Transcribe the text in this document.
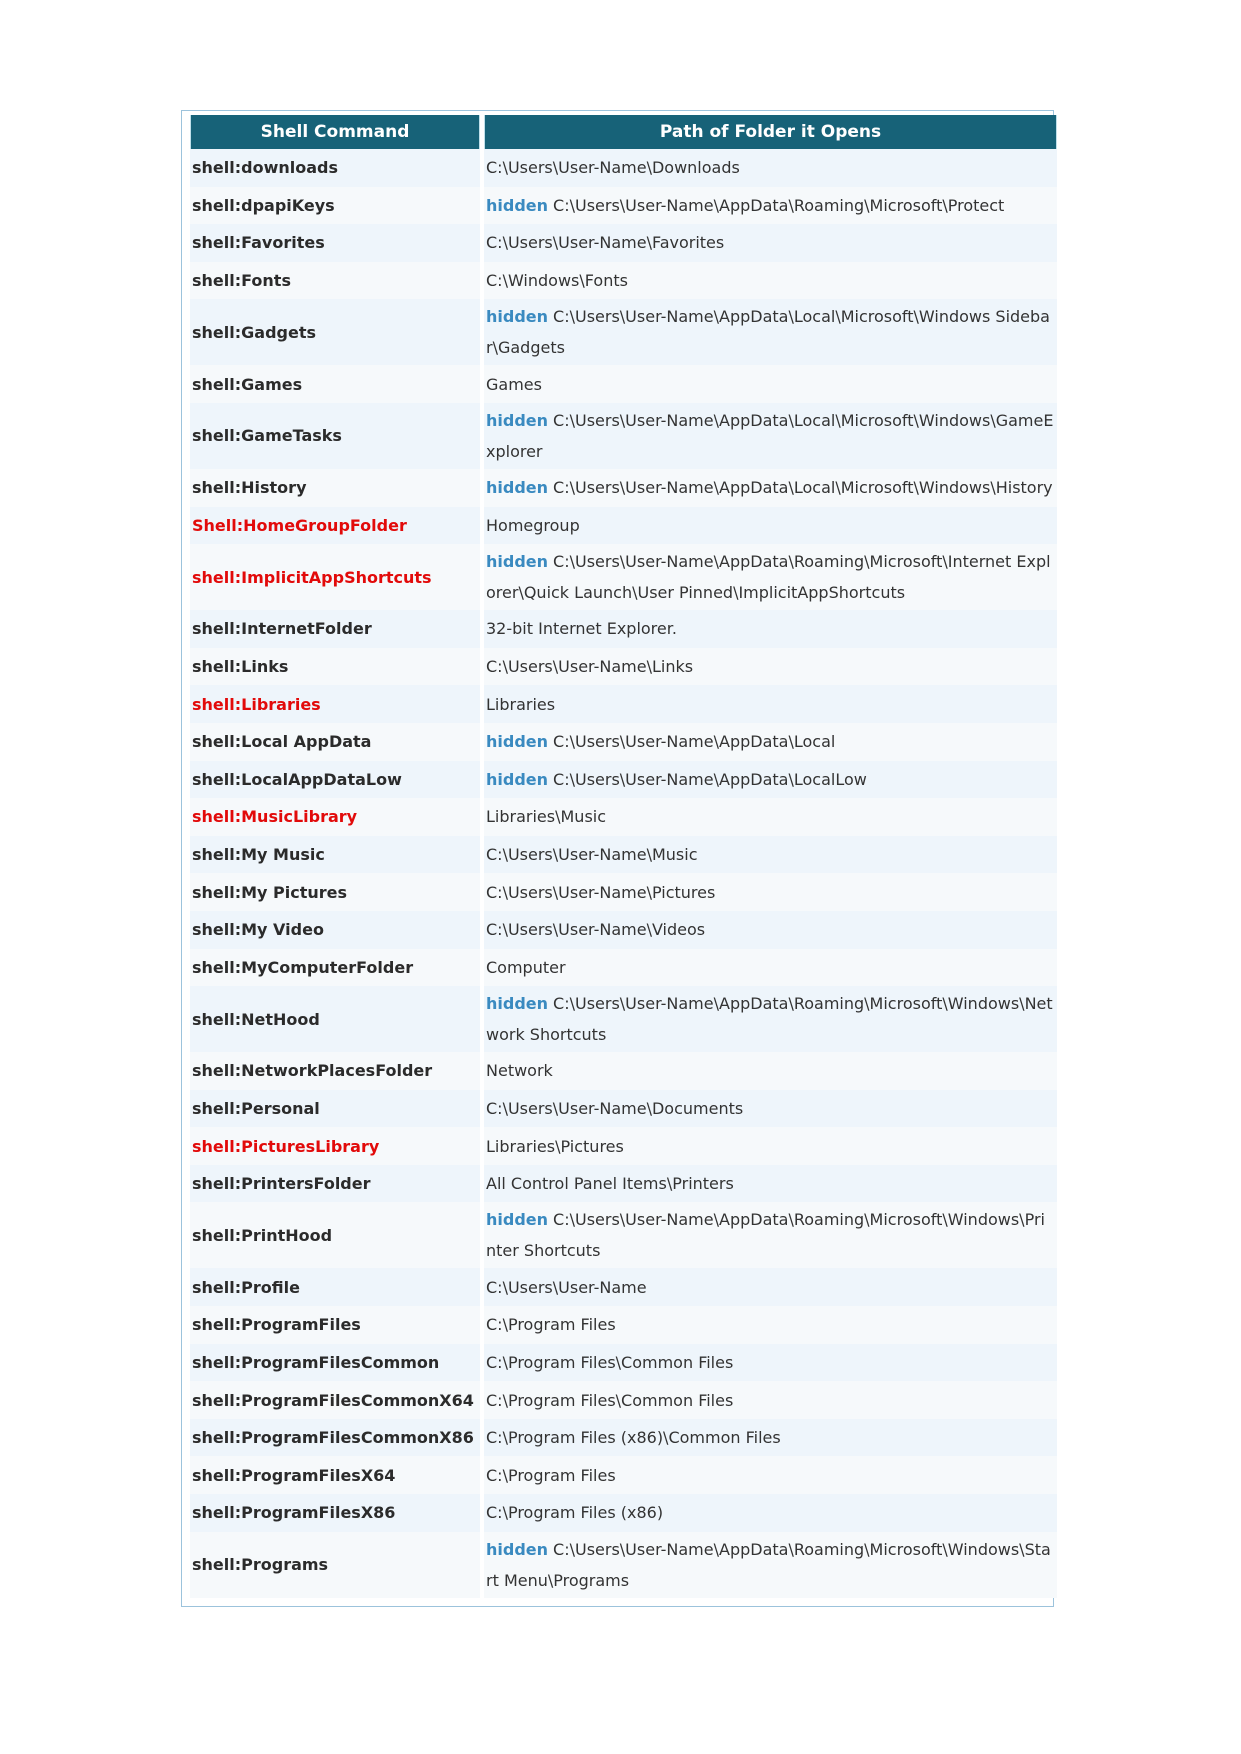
Shell Command	Path of Folder it Opens
shell:downloads	C:\Users\User-Name\Downloads
shell:dpapiKeys	hidden C:\Users\User-Name\AppData\Roaming\Microsoft\Protect
shell:Favorites	C:\Users\User-Name\Favorites
shell:Fonts	C:\Windows\Fonts
shell:Gadgets	hidden C:\Users\User-Name\AppData\Local\Microsoft\Windows Sidebar\Gadgets
shell:Games	Games
shell:GameTasks	hidden C:\Users\User-Name\AppData\Local\Microsoft\Windows\GameExplorer
shell:History	hidden C:\Users\User-Name\AppData\Local\Microsoft\Windows\History
Shell:HomeGroupFolder	Homegroup
shell:ImplicitAppShortcuts	hidden C:\Users\User-Name\AppData\Roaming\Microsoft\Internet Explorer\Quick Launch\User Pinned\ImplicitAppShortcuts
shell:InternetFolder	32-bit Internet Explorer.
shell:Links	C:\Users\User-Name\Links
shell:Libraries	Libraries
shell:Local AppData	hidden C:\Users\User-Name\AppData\Local
shell:LocalAppDataLow	hidden C:\Users\User-Name\AppData\LocalLow
shell:MusicLibrary	Libraries\Music
shell:My Music	C:\Users\User-Name\Music
shell:My Pictures	C:\Users\User-Name\Pictures
shell:My Video	C:\Users\User-Name\Videos
shell:MyComputerFolder	Computer
shell:NetHood	hidden C:\Users\User-Name\AppData\Roaming\Microsoft\Windows\Network Shortcuts
shell:NetworkPlacesFolder	Network
shell:Personal	C:\Users\User-Name\Documents
shell:PicturesLibrary	Libraries\Pictures
shell:PrintersFolder	All Control Panel Items\Printers
shell:PrintHood	hidden C:\Users\User-Name\AppData\Roaming\Microsoft\Windows\Printer Shortcuts
shell:Profile	C:\Users\User-Name
shell:ProgramFiles	C:\Program Files
shell:ProgramFilesCommon	C:\Program Files\Common Files
shell:ProgramFilesCommonX64	C:\Program Files\Common Files
shell:ProgramFilesCommonX86	C:\Program Files (x86)\Common Files
shell:ProgramFilesX64	C:\Program Files
shell:ProgramFilesX86	C:\Program Files (x86)
shell:Programs	hidden C:\Users\User-Name\AppData\Roaming\Microsoft\Windows\Start Menu\Programs
